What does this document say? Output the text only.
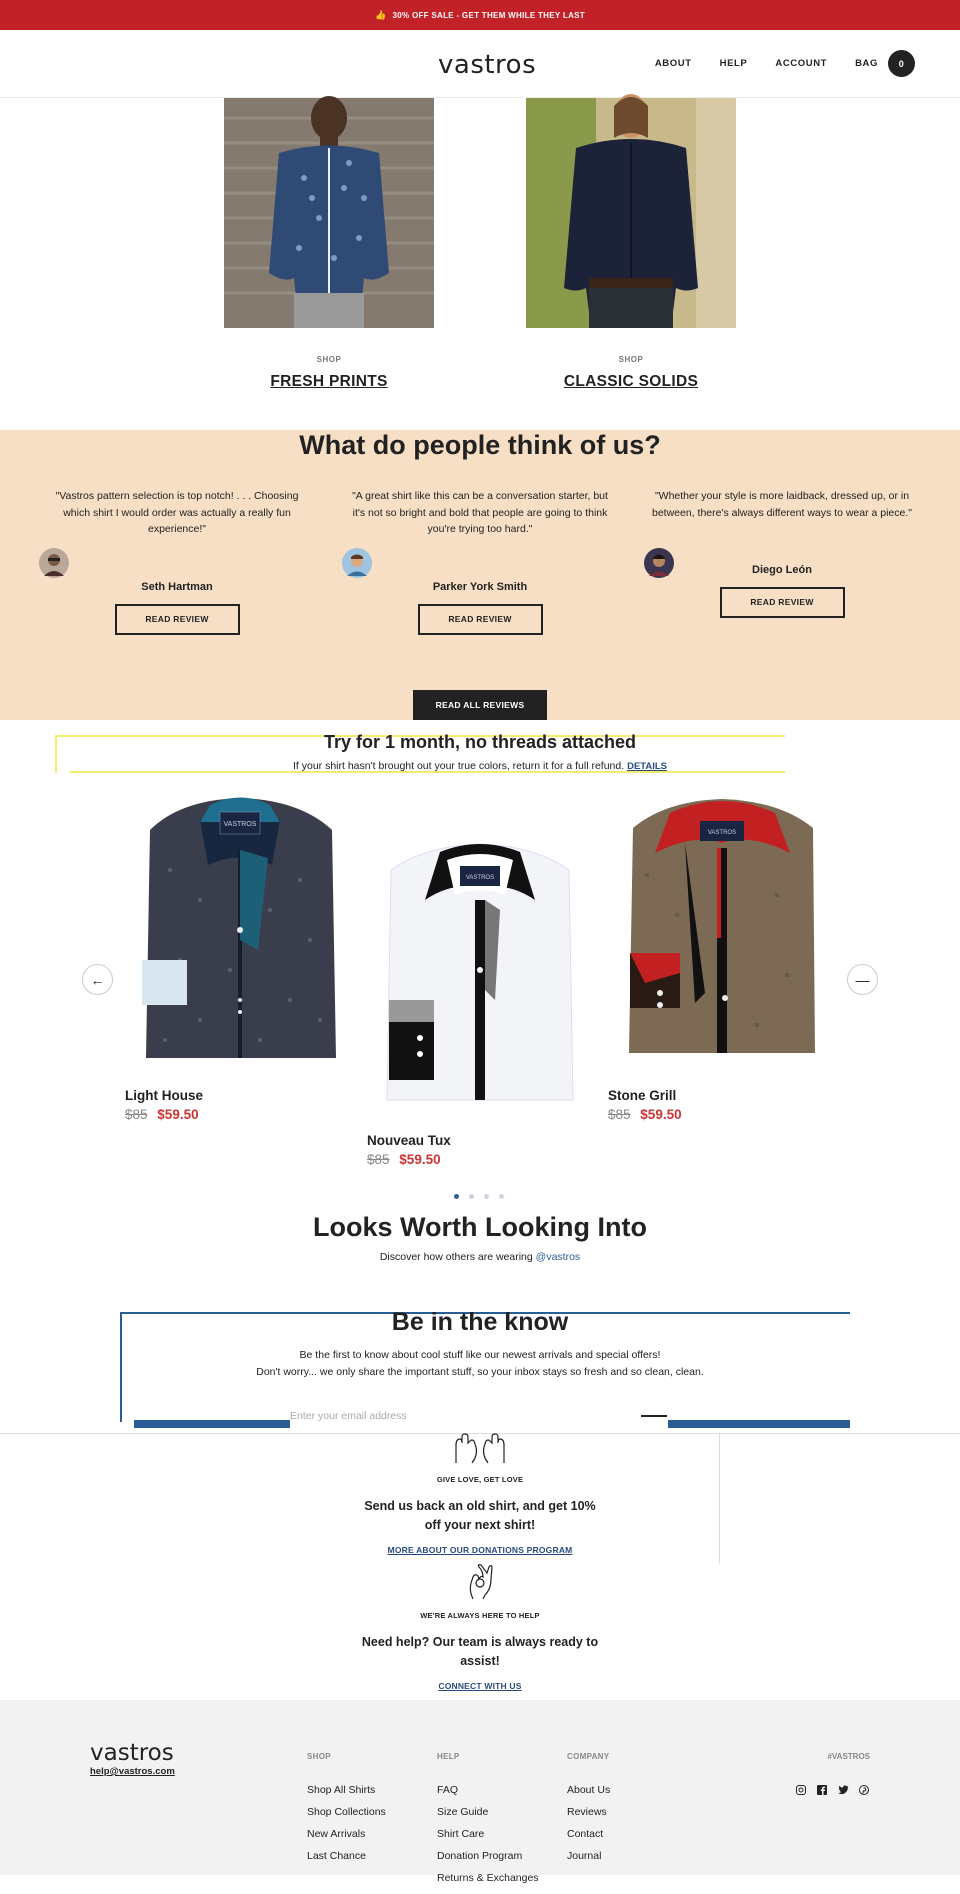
👍 30% OFF SALE - GET THEM WHILE THEY LAST
vastros	ABOUT	HELP	ACCOUNT	BAG	0
SHOP
FRESH PRINTS
SHOP
CLASSIC SOLIDS
What do people think of us?
"Vastros pattern selection is top notch! . . . Choosing which shirt I would order was actually a really fun experience!"
Seth Hartman
READ REVIEW
"A great shirt like this can be a conversation starter, but it's not so bright and bold that people are going to think you're trying too hard."
Parker York Smith
READ REVIEW
"Whether your style is more laidback, dressed up, or in between, there's always different ways to wear a piece."
Diego León
READ REVIEW
READ ALL REVIEWS
Try for 1 month, no threads attached

If your shirt hasn't brought out your true colors, return it for a full refund. DETAILS

VASTROS
Light House
$85 $59.50
VASTROS
Nouveau Tux
$85 $59.50
VASTROS
Stone Grill
$85 $59.50
←	—
Looks Worth Looking Into

Discover how others are wearing @vastros

Be in the know

Be the first to know about cool stuff like our newest arrivals and special offers!

Don't worry... we only share the important stuff, so your inbox stays so fresh and so clean, clean.

Enter your email address
GIVE LOVE, GET LOVE
Send us back an old shirt, and get 10%
off your next shirt!
MORE ABOUT OUR DONATIONS PROGRAM
WE'RE ALWAYS HERE TO HELP
Need help? Our team is always ready to
assist!
CONNECT WITH US
vastros
help@vastros.com
SHOP
Shop All Shirts
Shop Collections
New Arrivals
Last Chance
HELP
FAQ
Size Guide
Shirt Care
Donation Program
Returns & Exchanges
COMPANY
About Us
Reviews
Contact
Journal
#VASTROS
